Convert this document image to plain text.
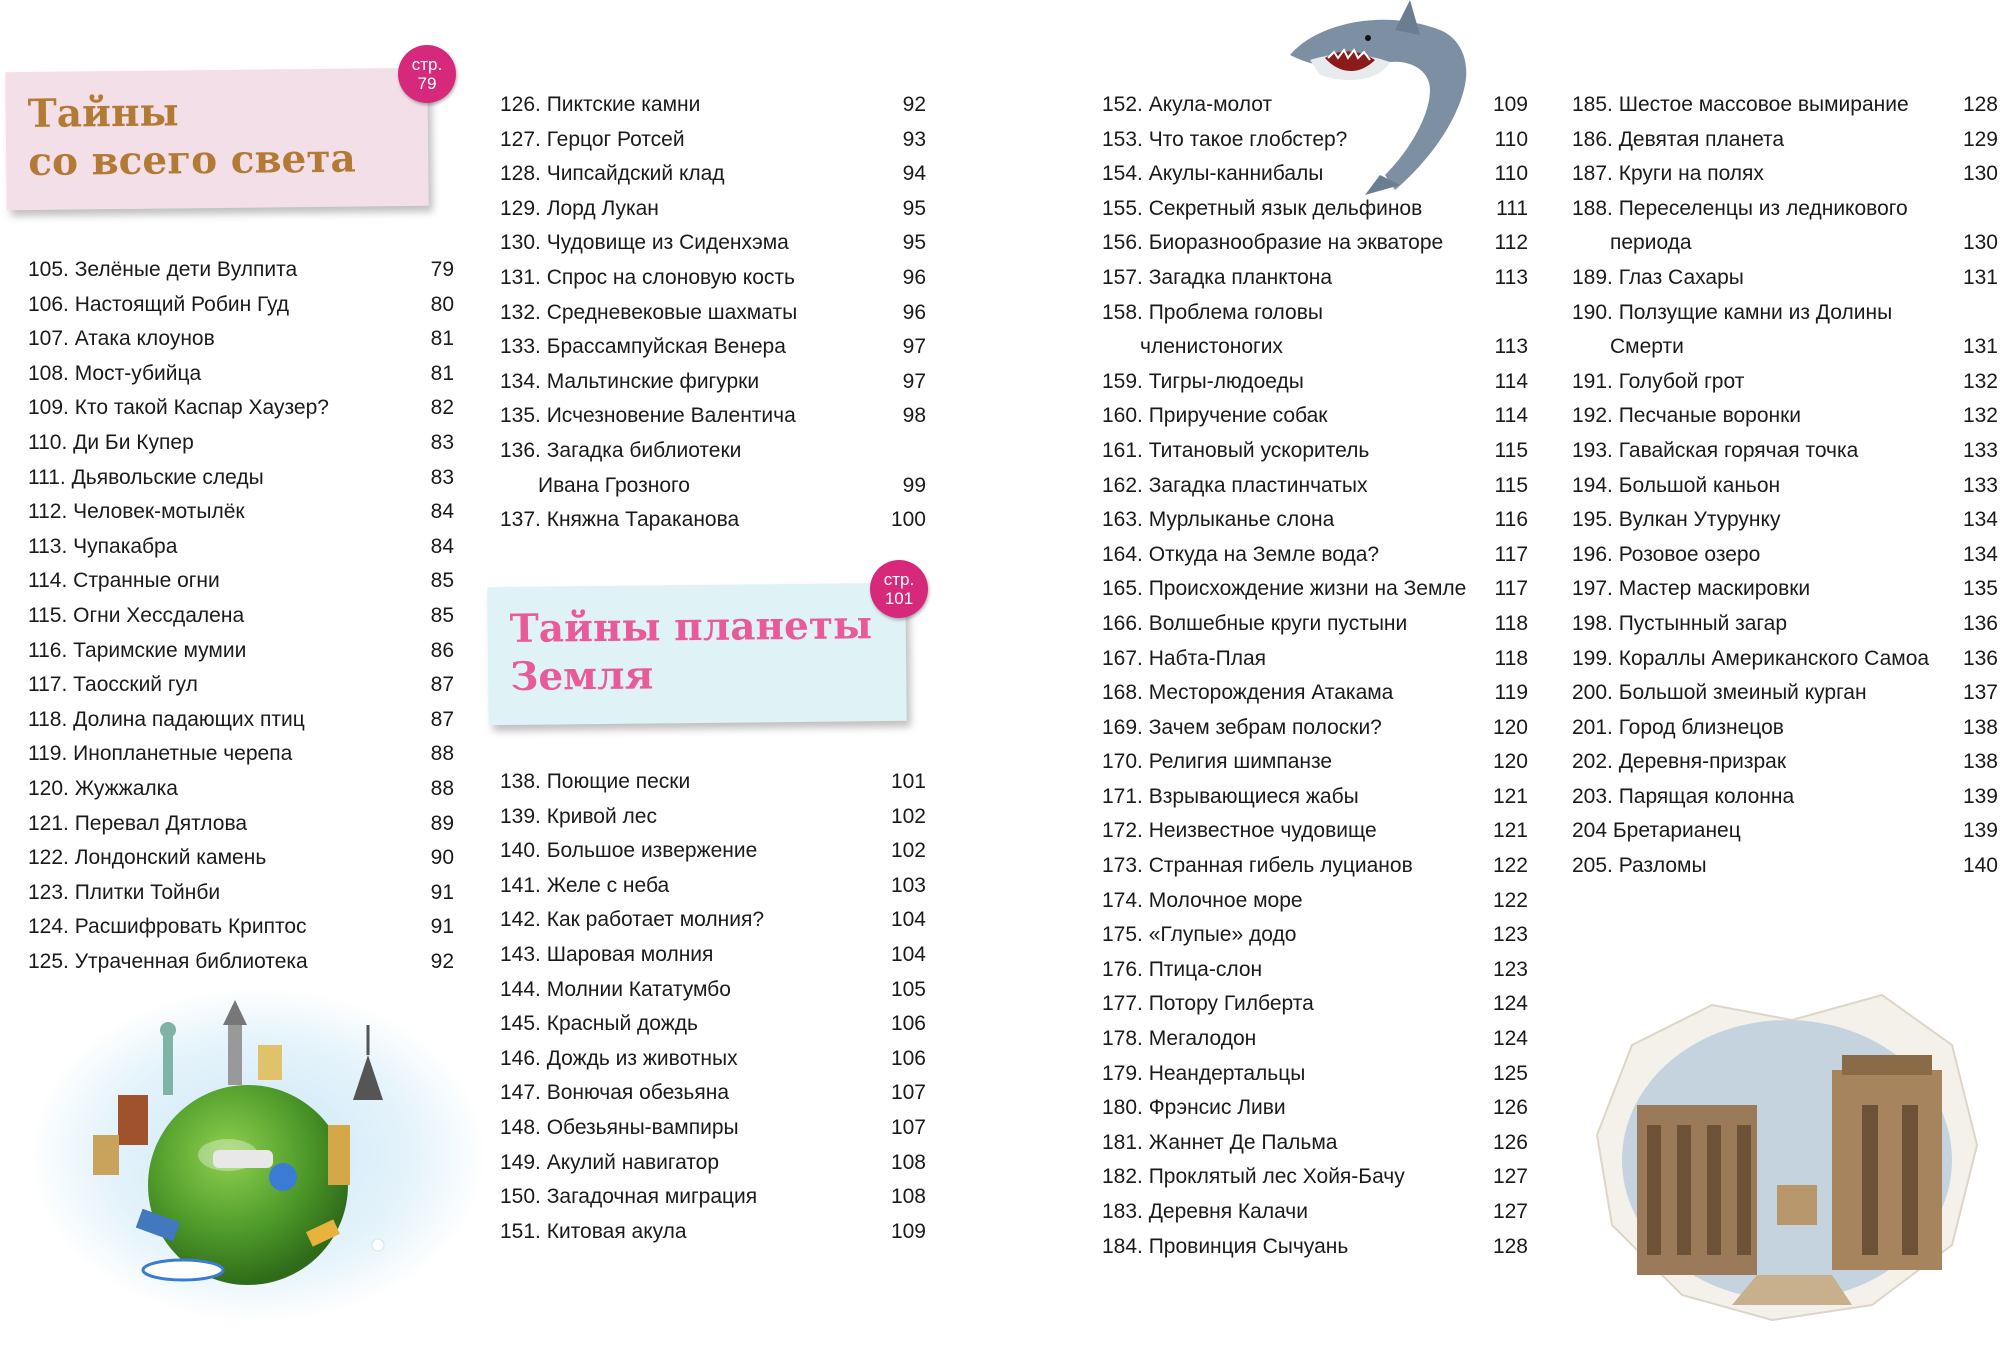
Тайны
со всего света
стр.
79
Тайны планеты
Земля
стр.
101
105. Зелёные дети Вулпита	79
106. Настоящий Робин Гуд	80
107. Атака клоунов	81
108. Мост-убийца	81
109. Кто такой Каспар Хаузер?	82
110. Ди Би Купер	83
111. Дьявольские следы	83
112. Человек-мотылёк	84
113. Чупакабра	84
114. Странные огни	85
115. Огни Хессдалена	85
116. Таримские мумии	86
117. Таосский гул	87
118. Долина падающих птиц	87
119. Инопланетные черепа	88
120. Жужжалка	88
121. Перевал Дятлова	89
122. Лондонский камень	90
123. Плитки Тойнби	91
124. Расшифровать Криптос	91
125. Утраченная библиотека	92
126. Пиктские камни	92
127. Герцог Ротсей	93
128. Чипсайдский клад	94
129. Лорд Лукан	95
130. Чудовище из Сиденхэма	95
131. Спрос на слоновую кость	96
132. Средневековые шахматы	96
133. Брассампуйская Венера	97
134. Мальтинские фигурки	97
135. Исчезновение Валентича	98
136. Загадка библиотеки
Ивана Грозного	99
137. Княжна Тараканова	100
138. Поющие пески	101
139. Кривой лес	102
140. Большое извержение	102
141. Желе с неба	103
142. Как работает молния?	104
143. Шаровая молния	104
144. Молнии Кататумбо	105
145. Красный дождь	106
146. Дождь из животных	106
147. Вонючая обезьяна	107
148. Обезьяны-вампиры	107
149. Акулий навигатор	108
150. Загадочная миграция	108
151. Китовая акула	109
152. Акула-молот	109
153. Что такое глобстер?	110
154. Акулы-каннибалы	110
155. Секретный язык дельфинов	111
156. Биоразнообразие на экваторе	112
157. Загадка планктона	113
158. Проблема головы
членистоногих	113
159. Тигры-людоеды	114
160. Приручение собак	114
161. Титановый ускоритель	115
162. Загадка пластинчатых	115
163. Мурлыканье слона	116
164. Откуда на Земле вода?	117
165. Происхождение жизни на Земле	117
166. Волшебные круги пустыни	118
167. Набта-Плая	118
168. Месторождения Атакама	119
169. Зачем зебрам полоски?	120
170. Религия шимпанзе	120
171. Взрывающиеся жабы	121
172. Неизвестное чудовище	121
173. Странная гибель луцианов	122
174. Молочное море	122
175. «Глупые» додо	123
176. Птица-слон	123
177. Потору Гилберта	124
178. Мегалодон	124
179. Неандертальцы	125
180. Фрэнсис Ливи	126
181. Жаннет Де Пальма	126
182. Проклятый лес Хойя-Бачу	127
183. Деревня Калачи	127
184. Провинция Сычуань	128
185. Шестое массовое вымирание	128
186. Девятая планета	129
187. Круги на полях	130
188. Переселенцы из ледникового
периода	130
189. Глаз Сахары	131
190. Ползущие камни из Долины
Смерти	131
191. Голубой грот	132
192. Песчаные воронки	132
193. Гавайская горячая точка	133
194. Большой каньон	133
195. Вулкан Утурунку	134
196. Розовое озеро	134
197. Мастер маскировки	135
198. Пустынный загар	136
199. Кораллы Американского Самоа	136
200. Большой змеиный курган	137
201. Город близнецов	138
202. Деревня-призрак	138
203. Парящая колонна	139
204 Бретарианец	139
205. Разломы	140
